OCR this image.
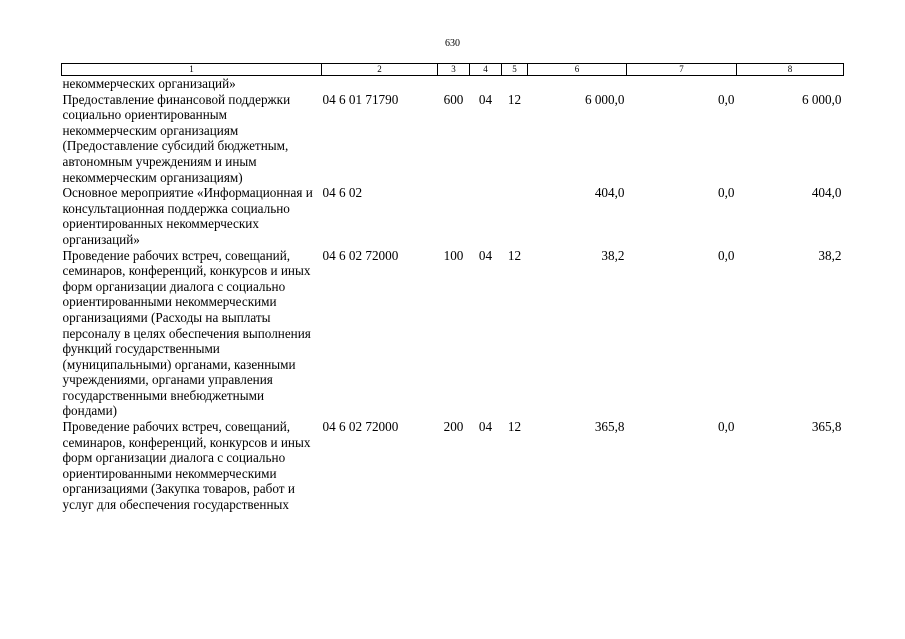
630
1	2	3	4	5	6	7	8
некоммерческих организаций»							
Предоставление финансовой поддержки социально ориентированным некоммерческим организациям (Предоставление субсидий бюджетным, автономным учреждениям и иным некоммерческим организациям)	04 6 01 71790	600	04	12	6 000,0	0,0	6 000,0
Основное мероприятие «Информационная и консультационная поддержка социально ориентированных некоммерческих организаций»	04 6 02				404,0	0,0	404,0
Проведение рабочих встреч, совещаний, семинаров, конференций, конкурсов и иных форм организации диалога с социально ориентированными некоммерческими организациями (Расходы на выплаты персоналу в целях обеспечения выполнения функций государственными (муниципальными) органами, казенными учреждениями, органами управления государственными внебюджетными фондами)	04 6 02 72000	100	04	12	38,2	0,0	38,2
Проведение рабочих встреч, совещаний, семинаров, конференций, конкурсов и иных форм организации диалога с социально ориентированными некоммерческими организациями (Закупка товаров, работ и услуг для обеспечения государственных	04 6 02 72000	200	04	12	365,8	0,0	365,8
